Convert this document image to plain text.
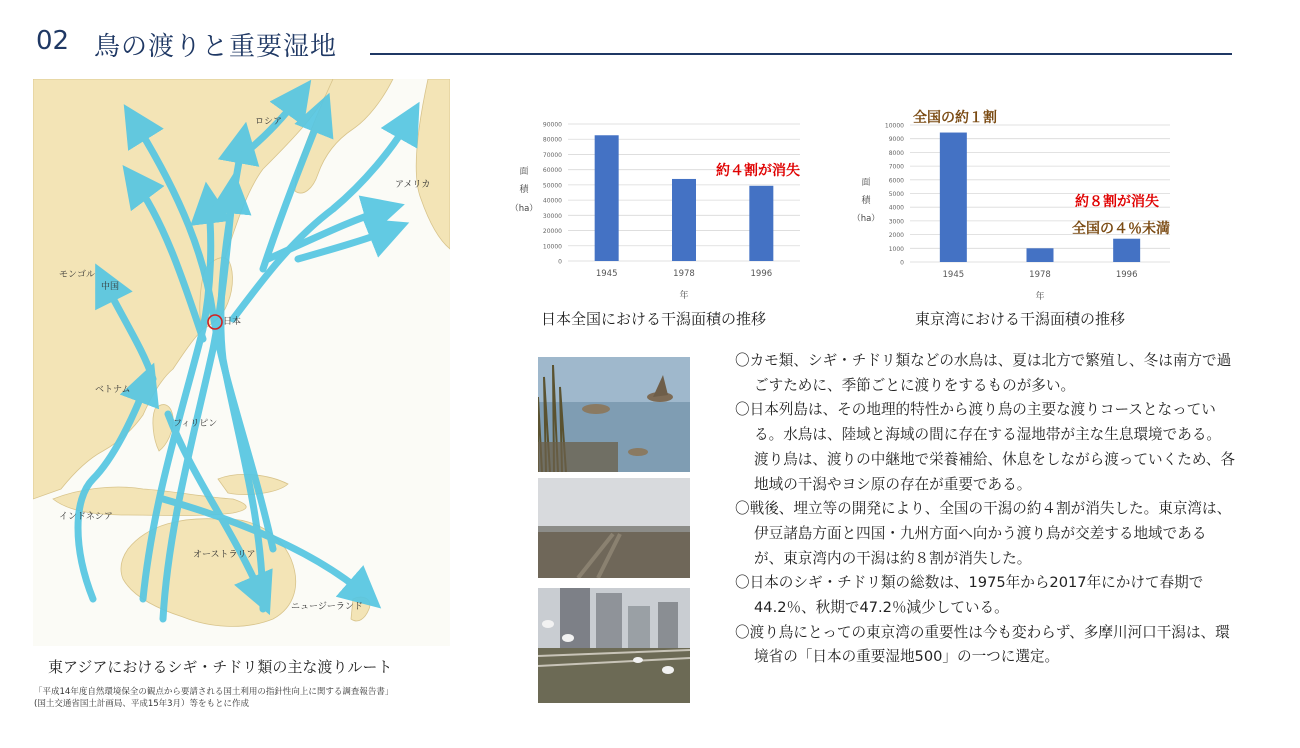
02 鳥の渡りと重要湿地
ロシア
アメリカ
モンゴル
中国
日本
ベトナム
フィリピン
インドネシア
オーストラリア
ニュージーランド
東アジアにおけるシギ・チドリ類の主な渡りルート
「平成14年度自然環境保全の観点から要請される国土利用の指針性向上に関する調査報告書」
(国土交通省国土計画局、平成15年3月）等をもとに作成
0
10000
20000
30000
40000
50000
60000
70000
80000
90000
1945	1978	1996
年
面
積
（ha）
約４割が消失
日本全国における干潟面積の推移
0
1000
2000
3000
4000
5000
6000
7000
8000
9000
10000
1945	1978	1996
年
面
積
（ha）
全国の約１割
約８割が消失
全国の４％未満
東京湾における干潟面積の推移
〇カモ類、シギ・チドリ類などの水鳥は、夏は北方で繁殖し、冬は南方で過ごすために、季節ごとに渡りをするものが多い。
〇日本列島は、その地理的特性から渡り鳥の主要な渡りコースとなっている。水鳥は、陸域と海域の間に存在する湿地帯が主な生息環境である。渡り鳥は、渡りの中継地で栄養補給、休息をしながら渡っていくため、各地域の干潟やヨシ原の存在が重要である。
〇戦後、埋立等の開発により、全国の干潟の約４割が消失した。東京湾は、伊豆諸島方面と四国・九州方面へ向かう渡り鳥が交差する地域であるが、東京湾内の干潟は約８割が消失した。
〇日本のシギ・チドリ類の総数は、1975年から2017年にかけて春期で44.2％、秋期で47.2％減少している。
〇渡り鳥にとっての東京湾の重要性は今も変わらず、多摩川河口干潟は、環境省の「日本の重要湿地500」の一つに選定。
